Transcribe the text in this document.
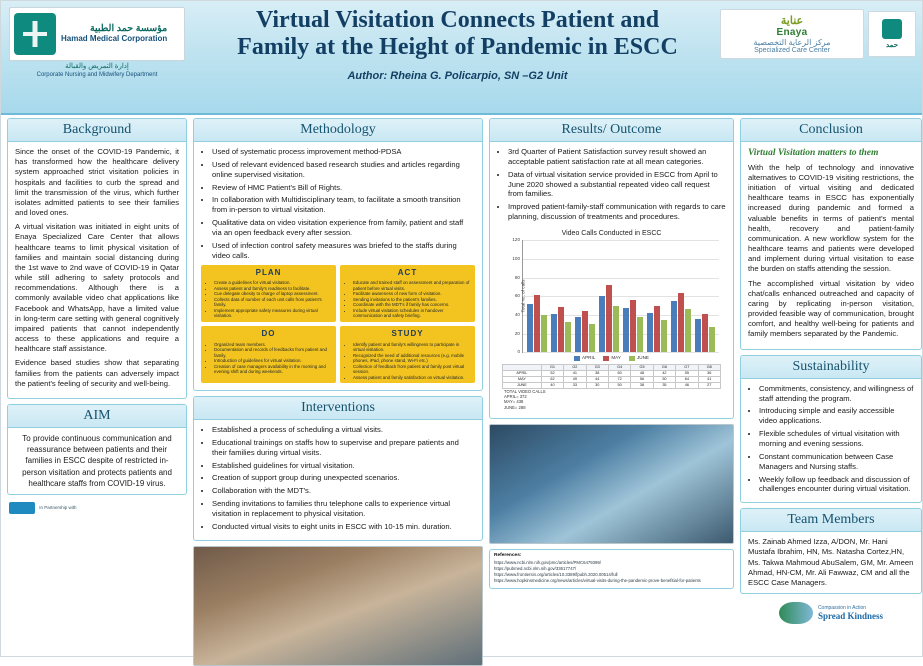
مؤسسة حمد الطبية
Hamad Medical Corporation
إدارة التمريض والقبالة
Corporate Nursing and Midwifery Department
Virtual Visitation Connects Patient and
Family at the Height of Pandemic in ESCC
Author: Rheina G. Policarpio, SN –G2 Unit
عناية
Enaya
مركز الرعاية التخصصية
Specialized Care Center
حمد
Background

Since the onset of the COVID-19 Pandemic, it has transformed how the healthcare delivery system approached strict visitation policies in hospitals and facilities to curb the spread and limit the transmission of the virus, which further isolates admitted patients to see their families and loved ones.

A virtual visitation was initiated in eight units of Enaya Specialized Care Center that allows healthcare teams to limit physical visitation of families and maintain social distancing during the 1st wave to 2nd wave of COVID-19 in Qatar while still adhering to safety protocols and recommendations. Although there is a commonly available video chat applications like Facebook and WhatsApp, have a limited value in long-term care setting with general cognitively impaired patients that cannot independently access to these applications and require a healthcare staff assistance.

Evidence based studies show that separating families from the patients can adversely impact the patient's feeling of security and well-being.

AIM
To provide continuous communication and reassurance between patients and their families in ESCC despite of restricted in-person visitation and protects patients and healthcare staffs from COVID-19 virus.
In Partnership with
Methodology
• Used of systematic process improvement method-PDSA
• Used of relevant evidenced based research studies and articles regarding online supervised visitation.
• Review of HMC Patient's Bill of Rights.
• In collaboration with Multidisciplinary team, to facilitate a smooth transition from in-person to virtual visitation.
• Qualitative data on video visitation experience from family, patient and staff via an open feedback every after session.
• Used of infection control safety measures was briefed to the staffs during video calls.
PLAN
• Create a guidelines for virtual visitation.
• Assess patient and family's readiness to facilitate.
• Cue delegate obesity to charge of laptop assessment.
• Collects data of number of each unit calls from patient's family.
• Implement appropriate safety measures during virtual visitation.
ACT
• Educate and trained staff on assessment and preparation of patient before virtual visits.
• Facilitate awareness of new form of visitation.
• Sending invitations to the patient's families.
• Coordinate with the MDT's if family has concerns.
• Include virtual visitation schedules in handover communication and safety briefing.
DO
• Organized team members.
• Documentation and records of feedbacks from patient and family.
• Introduction of guidelines for virtual visitation.
• Creation of case managers availability in the morning and evening shift and during weekends.
STUDY
• Identify patient and family's willingness to participate in virtual visitation.
• Recognized the need of additional resources (e.g. mobile phones, iPad, phone stand, Wi-Fi etc.)
• Collection of feedback from patient and family post virtual session.
• Assess patient and family satisfaction on virtual visitation.
Interventions
• Established a process of scheduling a virtual visits.
• Educational trainings on staffs how to supervise and prepare patients and their families during virtual visits.
• Established guidelines for virtual visitation.
• Creation of support group during unexpected scenarios.
• Collaboration with the MDT's.
• Sending invitations to families thru telephone calls to experience virtual visitation in replacement to physical visitation.
• Conducted virtual visits to eight units in ESCC with 10-15 min. duration.
Results/ Outcome
• 3rd Quarter of Patient Satisfaction survey result showed an acceptable patient satisfaction rate at all mean categories.
• Data of virtual visitation service provided in ESCC from April to June 2020 showed a substantial repeated video call request from families.
• Improved patient-family-staff communication with regards to care planning, discussion of treatments and procedures.
Video Calls Conducted in ESCC
Total no. of calls
0
20
40
60
80
100
120
APRIL	MAY	JUNE
	G1	G2	G3	G4	G5	G6	G7	G8
APRIL	52	41	38	60	48	42	55	36
MAY	62	49	44	72	56	50	64	41
JUNE	40	33	30	50	38	35	46	27
TOTAL VIDEO CALLS
APRIL= 372
MAY= 438
JUNE= 288
References:
https://www.ncbi.nlm.nih.gov/pmc/articles/PMC6479399/
https://pubmed.ncbi.nlm.nih.gov/33617747/
https://www.frontiersin.org/articles/10.3389/fpubh.2020.00514/full
https://www.hopkinsmedicine.org/news/articles/virtual-visits-during-the-pandemic-prove-benefitial-for-patients
Conclusion
Virtual Visitation matters to them

With the help of technology and innovative alternatives to COVID-19 visiting restrictions, the initiation of virtual visiting and dedicated healthcare teams in ESCC has exponentially increased during pandemic and formed a valuable benefits in terms of patient's mental health, recovery and patient-family communication. A new workflow system for the healthcare teams and patients were developed and implement during virtual visitation to ease the burden on staffs attending the session.

The accomplished virtual visitation by video chat/calls enhanced outreached and capacity of caring by replicating in-person visitation, provided feasible way of communication, brought comfort, and healthy well-being for patients and family members separated by the Pandemic.

Sustainability
• Commitments, consistency, and willingness of staff attending the program.
• Introducing simple and easily accessible video applications.
• Flexible schedules of virtual visitation with morning and evening sessions.
• Constant communication between Case Managers and Nursing staffs.
• Weekly follow up feedback and discussion of challenges encounter during virtual visitation.
Team Members
Ms. Zainab Ahmed Izza, A/DON, Mr. Hani Mustafa Ibrahim, HN, Ms. Natasha Cortez,HN, Ms. Takwa Mahmoud AbuSalem, GM, Mr. Ameen Ahmad, HN-CM, Mr. Ali Fawwaz, CM and all the ESCC Case Managers.
Compassion in Action
Spread Kindness
